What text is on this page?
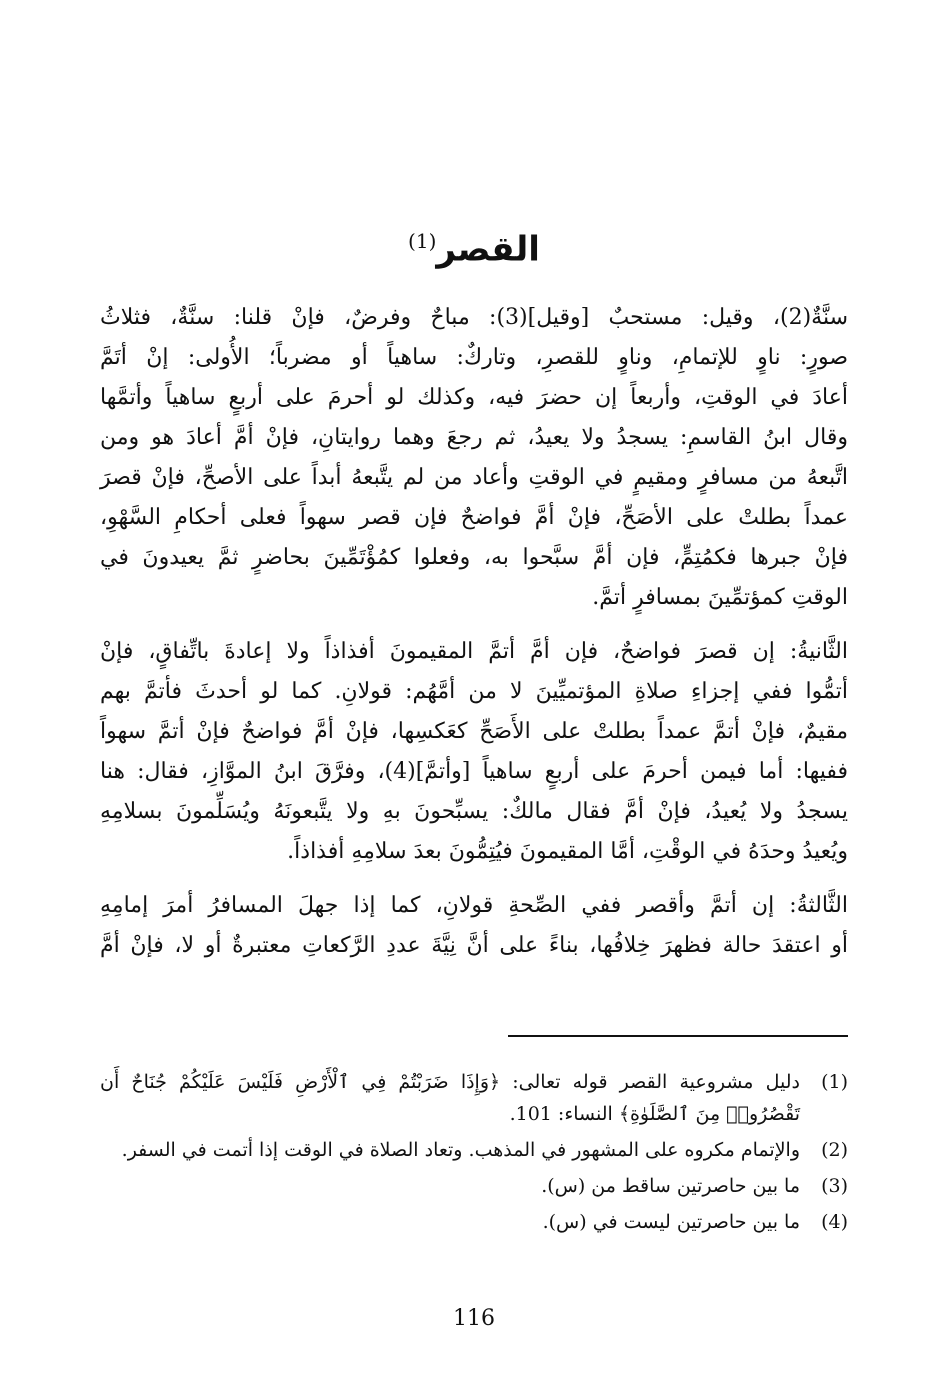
القصر$^{(1)}$

سنَّةٌ(2)، وقيل: مستحبٌ [وقيل](3): مباحٌ وفرضٌ، فإنْ قلنا: سنَّةٌ، فثلاثُ
صورٍ: ناوٍ للإتمامِ، وناوٍ للقصرِ، وتاركٌ: ساهياً أو مضرباً؛ الأُولى: إنْ أتَمَّ
أعادَ في الوقتِ، وأربعاً إن حضرَ فيه، وكذلك لو أحرمَ على أربعٍ ساهياً وأتمَّها
وقال ابنُ القاسمِ: يسجدُ ولا يعيدُ، ثم رجعَ وهما روايتانِ، فإنْ أمَّ أعادَ هو ومن
اتَّبعهُ من مسافرٍ ومقيمٍ في الوقتِ وأعاد من لم يتَّبعهُ أبداً على الأصحِّ، فإنْ قصرَ
عمداً بطلتْ على الأصَحِّ، فإنْ أمَّ فواضحٌ فإن قصر سهواً فعلى أحكامِ السَّهْوِ،
فإنْ جبرها فكمُتِمٍّ، فإن أمَّ سبَّحوا به، وفعلوا كمُؤْتَمِّينَ بحاضرٍ ثمَّ يعيدونَ في
الوقتِ كمؤتمِّينَ بمسافرٍ أتمَّ.

الثَّانيةُ: إن قصرَ فواضحٌ، فإن أمَّ أتمَّ المقيمونَ أفذاذاً ولا إعادةَ باتِّفاقٍ، فإنْ
أتمُّوا ففي إجزاءِ صلاةِ المؤتميِّينَ لا من أمَّهُم: قولانِ. كما لو أحدثَ فأتمَّ بهم
مقيمٌ، فإنْ أتمَّ عمداً بطلتْ على الأَصَحِّ كعَكسِها، فإنْ أمَّ فواضحٌ فإنْ أتمَّ سهواً
ففيها: أما فيمن أحرمَ على أربعٍ ساهياً [وأتمَّ](4)، وفرَّقَ ابنُ الموَّازِ، فقال: هنا
يسجدُ ولا يُعيدُ، فإنْ أمَّ فقال مالكٌ: يسبِّحونَ بهِ ولا يتَّبعونَهُ ويُسَلِّمونَ بسلامِهِ
ويُعيدُ وحدَهُ في الوقْتِ، أمَّا المقيمونَ فيُتِمُّونَ بعدَ سلامِهِ أفذاذاً.

الثَّالثةُ: إن أتمَّ وأقصر ففي الصِّحةِ قولانِ، كما إذا جهلَ المسافرُ أمرَ إمامِهِ
أو اعتقدَ حالة فظهرَ خِلافُها، بناءً على أنَّ نِيَّةَ عددِ الرَّكعاتِ معتبرةٌ أو لا، فإنْ أمَّ

(1)
دليل مشروعية القصر قوله تعالى: ﴿وَإِذَا ضَرَبْتُمْ فِي ٱلْأَرْضِ فَلَيْسَ عَلَيْكُمْ جُنَاحٌ أَن تَقْصُرُوا۟ مِنَ ٱلصَّلَوٰةِ﴾ النساء: 101.
(2)
والإتمام مكروه على المشهور في المذهب. وتعاد الصلاة في الوقت إذا أتمت في السفر.
(3)
ما بين حاصرتين ساقط من (س).
(4)
ما بين حاصرتين ليست في (س).
116
